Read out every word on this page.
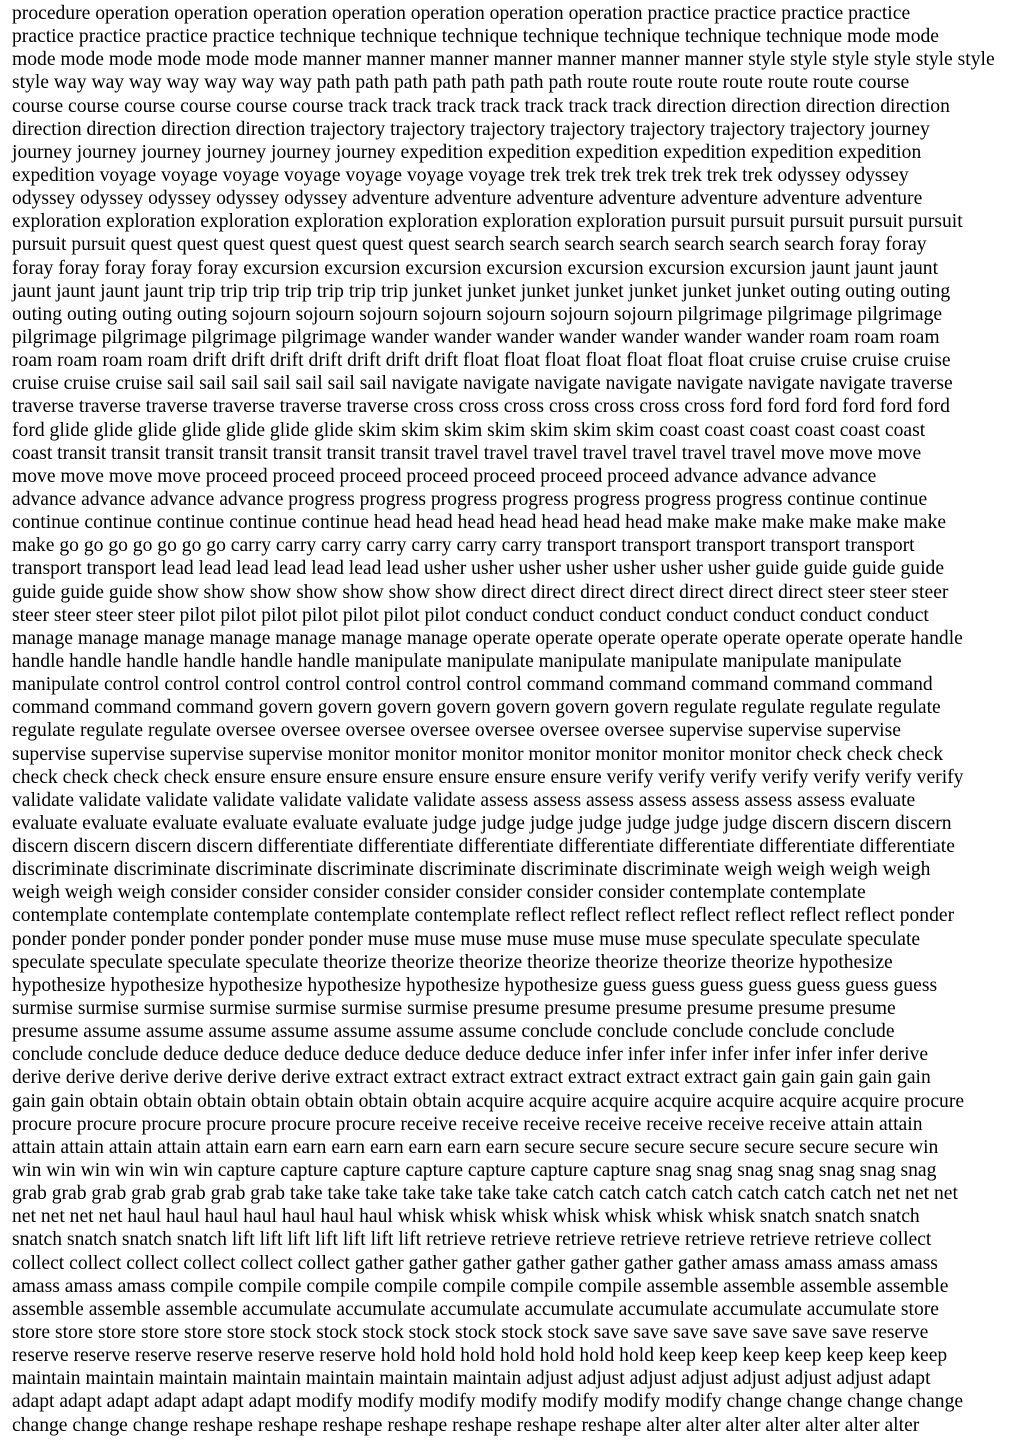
procedure operation operation operation operation operation operation operation practice practice practice practice
practice practice practice practice technique technique technique technique technique technique technique mode mode
mode mode mode mode mode mode manner manner manner manner manner manner manner style style style style style style
style way way way way way way way path path path path path path path route route route route route route course
course course course course course course track track track track track track track direction direction direction direction
direction direction direction direction trajectory trajectory trajectory trajectory trajectory trajectory trajectory journey
journey journey journey journey journey journey expedition expedition expedition expedition expedition expedition
expedition voyage voyage voyage voyage voyage voyage voyage trek trek trek trek trek trek trek odyssey odyssey
odyssey odyssey odyssey odyssey odyssey adventure adventure adventure adventure adventure adventure adventure
exploration exploration exploration exploration exploration exploration exploration pursuit pursuit pursuit pursuit pursuit
pursuit pursuit quest quest quest quest quest quest quest search search search search search search search foray foray
foray foray foray foray foray excursion excursion excursion excursion excursion excursion excursion jaunt jaunt jaunt
jaunt jaunt jaunt jaunt trip trip trip trip trip trip trip junket junket junket junket junket junket junket outing outing outing
outing outing outing outing sojourn sojourn sojourn sojourn sojourn sojourn sojourn pilgrimage pilgrimage pilgrimage
pilgrimage pilgrimage pilgrimage pilgrimage wander wander wander wander wander wander wander roam roam roam
roam roam roam roam drift drift drift drift drift drift drift float float float float float float float cruise cruise cruise cruise
cruise cruise cruise sail sail sail sail sail sail sail navigate navigate navigate navigate navigate navigate navigate traverse
traverse traverse traverse traverse traverse traverse cross cross cross cross cross cross cross ford ford ford ford ford ford
ford glide glide glide glide glide glide glide skim skim skim skim skim skim skim coast coast coast coast coast coast
coast transit transit transit transit transit transit transit travel travel travel travel travel travel travel move move move
move move move move proceed proceed proceed proceed proceed proceed proceed advance advance advance
advance advance advance advance progress progress progress progress progress progress progress continue continue
continue continue continue continue continue head head head head head head head make make make make make make
make go go go go go go go carry carry carry carry carry carry carry transport transport transport transport transport
transport transport lead lead lead lead lead lead lead usher usher usher usher usher usher usher guide guide guide guide
guide guide guide show show show show show show show direct direct direct direct direct direct direct steer steer steer
steer steer steer steer pilot pilot pilot pilot pilot pilot pilot conduct conduct conduct conduct conduct conduct conduct
manage manage manage manage manage manage manage operate operate operate operate operate operate operate handle
handle handle handle handle handle handle manipulate manipulate manipulate manipulate manipulate manipulate
manipulate control control control control control control control command command command command command
command command command govern govern govern govern govern govern govern regulate regulate regulate regulate
regulate regulate regulate oversee oversee oversee oversee oversee oversee oversee supervise supervise supervise
supervise supervise supervise supervise monitor monitor monitor monitor monitor monitor monitor check check check
check check check check ensure ensure ensure ensure ensure ensure ensure verify verify verify verify verify verify verify
validate validate validate validate validate validate validate assess assess assess assess assess assess assess evaluate
evaluate evaluate evaluate evaluate evaluate evaluate judge judge judge judge judge judge judge discern discern discern
discern discern discern discern differentiate differentiate differentiate differentiate differentiate differentiate differentiate
discriminate discriminate discriminate discriminate discriminate discriminate discriminate weigh weigh weigh weigh
weigh weigh weigh consider consider consider consider consider consider consider contemplate contemplate
contemplate contemplate contemplate contemplate contemplate reflect reflect reflect reflect reflect reflect reflect ponder
ponder ponder ponder ponder ponder ponder muse muse muse muse muse muse muse speculate speculate speculate
speculate speculate speculate speculate theorize theorize theorize theorize theorize theorize theorize hypothesize
hypothesize hypothesize hypothesize hypothesize hypothesize hypothesize guess guess guess guess guess guess guess
surmise surmise surmise surmise surmise surmise surmise presume presume presume presume presume presume
presume assume assume assume assume assume assume assume conclude conclude conclude conclude conclude
conclude conclude deduce deduce deduce deduce deduce deduce deduce infer infer infer infer infer infer infer derive
derive derive derive derive derive derive extract extract extract extract extract extract extract gain gain gain gain gain
gain gain obtain obtain obtain obtain obtain obtain obtain acquire acquire acquire acquire acquire acquire acquire procure
procure procure procure procure procure procure receive receive receive receive receive receive receive attain attain
attain attain attain attain attain earn earn earn earn earn earn earn secure secure secure secure secure secure secure win
win win win win win win capture capture capture capture capture capture capture snag snag snag snag snag snag snag
grab grab grab grab grab grab grab take take take take take take take catch catch catch catch catch catch catch net net net
net net net net haul haul haul haul haul haul haul whisk whisk whisk whisk whisk whisk whisk snatch snatch snatch
snatch snatch snatch snatch lift lift lift lift lift lift lift retrieve retrieve retrieve retrieve retrieve retrieve retrieve collect
collect collect collect collect collect collect gather gather gather gather gather gather gather amass amass amass amass
amass amass amass compile compile compile compile compile compile compile assemble assemble assemble assemble
assemble assemble assemble accumulate accumulate accumulate accumulate accumulate accumulate accumulate store
store store store store store store stock stock stock stock stock stock stock save save save save save save save reserve
reserve reserve reserve reserve reserve reserve hold hold hold hold hold hold hold keep keep keep keep keep keep keep
maintain maintain maintain maintain maintain maintain maintain adjust adjust adjust adjust adjust adjust adjust adapt
adapt adapt adapt adapt adapt adapt modify modify modify modify modify modify modify change change change change
change change change reshape reshape reshape reshape reshape reshape reshape alter alter alter alter alter alter alter
